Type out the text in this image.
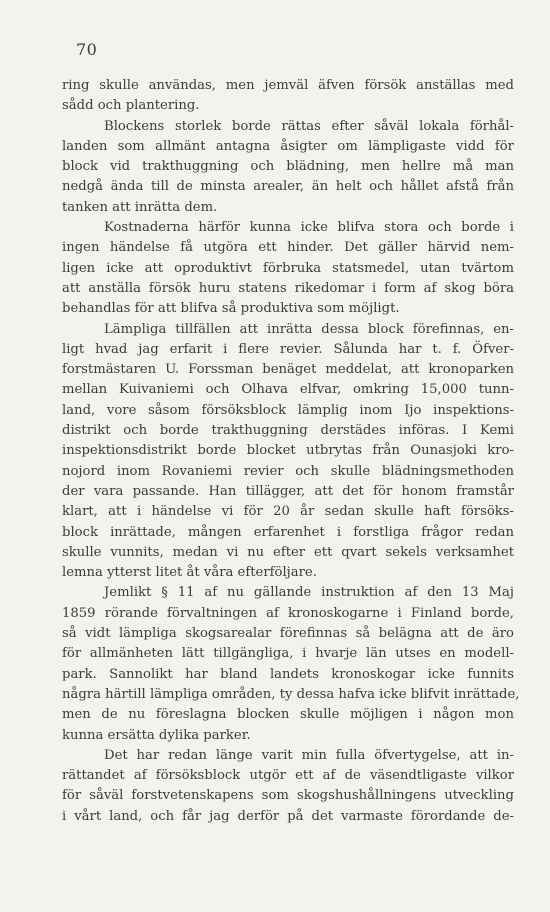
70
ring skulle användas, men jemväl äfven försök anställas med
sådd och plantering.
Blockens storlek borde rättas efter såväl lokala förhål-
landen som allmänt antagna åsigter om lämpligaste vidd för
block vid trakthuggning och blädning, men hellre må man
nedgå ända till de minsta arealer, än helt och hållet afstå från
tanken att inrätta dem.
Kostnaderna härför kunna icke blifva stora och borde i
ingen händelse få utgöra ett hinder. Det gäller härvid nem-
ligen icke att oproduktivt förbruka statsmedel, utan tvärtom
att anställa försök huru statens rikedomar i form af skog böra
behandlas för att blifva så produktiva som möjligt.
Lämpliga tillfällen att inrätta dessa block förefinnas, en-
ligt hvad jag erfarit i flere revier. Sålunda har t. f. Öfver-
forstmästaren U. Forssman benäget meddelat, att kronoparken
mellan Kuivaniemi och Olhava elfvar, omkring 15,000 tunn-
land, vore såsom försöksblock lämplig inom Ijo inspektions-
distrikt och borde trakthuggning derstädes införas. I Kemi
inspektionsdistrikt borde blocket utbrytas från Ounasjoki kro-
nojord inom Rovaniemi revier och skulle blädningsmethoden
der vara passande. Han tillägger, att det för honom framstår
klart, att i händelse vi för 20 år sedan skulle haft försöks-
block inrättade, mången erfarenhet i forstliga frågor redan
skulle vunnits, medan vi nu efter ett qvart sekels verksamhet
lemna ytterst litet åt våra efterföljare.
Jemlikt § 11 af nu gällande instruktion af den 13 Maj
1859 rörande förvaltningen af kronoskogarne i Finland borde,
så vidt lämpliga skogsarealar förefinnas så belägna att de äro
för allmänheten lätt tillgängliga, i hvarje län utses en modell-
park. Sannolikt har bland landets kronoskogar icke funnits
några härtill lämpliga områden, ty dessa hafva icke blifvit inrättade,
men de nu föreslagna blocken skulle möjligen i någon mon
kunna ersätta dylika parker.
Det har redan länge varit min fulla öfvertygelse, att in-
rättandet af försöksblock utgör ett af de väsendtligaste vilkor
för såväl forstvetenskapens som skogshushållningens utveckling
i vårt land, och får jag derför på det varmaste förordande de-
